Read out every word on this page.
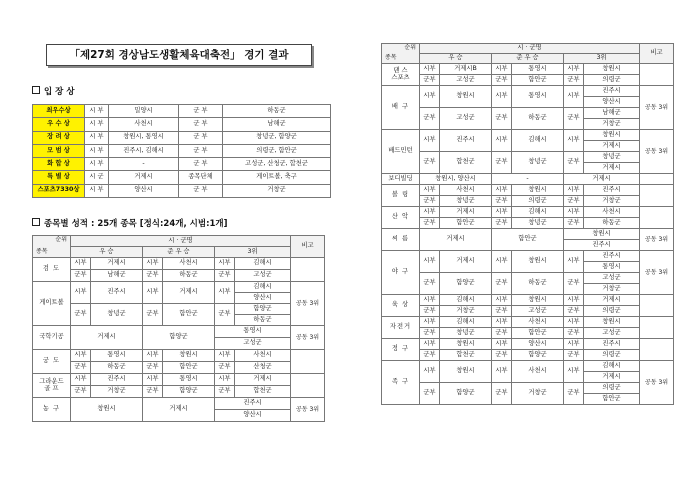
「제27회 경상남도생활체육대축전」 경기 결과
입 장 상
최우수상	시 부	밀양시	군 부	하동군
우 수 상	시 부	사천시	군 부	남해군
장 려 상	시 부	창원시, 통영시	군 부	창녕군, 함양군
모 범 상	시 부	진주시, 김해시	군 부	의령군, 함안군
화 합 상	시 부	-	군 부	고성군, 산청군, 합천군
특 별 상	시 군	거제시	종목단체	게이트볼, 축구
스포츠7330상	시 부	양산시	군 부	거창군
종목별 성적 : 25개 종목 [정식:24개, 시범:1개]
순위
종목	시 · 군명						비고
	우 승		준 우 승		3위		
검 도	시부	거제시	시부	사천시	시부	김해시	
	군부	남해군	군부	하동군	군부	고성군	
게이트볼	시부	진주시	시부	거제시	시부	김해시	공동 3위
						양산시	
	군부	창녕군	군부	함안군	군부	함양군	
						하동군	
국학기공	거제시		함양군		통영시		공동 3위
					고성군		
궁 도	시부	통영시	시부	창원시	시부	사천시	
	군부	하동군	군부	함안군	군부	산청군	
그라운드
골 프	시부	진주시	시부	통영시	시부	거제시	
	군부	거창군	군부	함양군	군부	합천군	
농 구	창원시		거제시		진주시		공동 3위
					양산시		
순위
종목	시 · 군명						비고
	우 승		준 우 승		3위		
댄 스
스포츠	시부	거제시B	시부	통영시	시부	창원시	
	군부	고성군	군부	함안군	군부	의령군	
배 구	시부	창원시	시부	통영시	시부	진주시	공동 3위
						양산시	
	군부	고성군	군부	하동군	군부	남해군	
						거창군	
배드민턴	시부	진주시	시부	김해시	시부	창원시	공동 3위
						거제시	
	군부	합천군	군부	창녕군	군부	창녕군	
						거제시	
보디빌딩	창원시, 양산시		-		거제시		
볼 링	시부	사천시	시부	창원시	시부	진주시	
	군부	창녕군	군부	의령군	군부	거창군	
산 악	시부	거제시	시부	김해시	시부	사천시	
	군부	함안군	군부	창녕군	군부	하동군	
씨 름	거제시		함안군		창원시		공동 3위
					진주시		
야 구	시부	거제시	시부	창원시	시부	진주시	공동 3위
						통영시	
	군부	함양군	군부	하동군	군부	고성군	
						거창군	
육 상	시부	김해시	시부	창원시	시부	거제시	
	군부	거창군	군부	고성군	군부	의령군	
자전거	시부	김해시	시부	사천시	시부	창원시	
	군부	창녕군	군부	함안군	군부	고성군	
정 구	시부	창원시	시부	양산시	시부	진주시	
	군부	합천군	군부	함양군	군부	의령군	
족 구	시부	창원시	시부	사천시	시부	김해시	공동 3위
						거제시	
	군부	함양군	군부	거창군	군부	의령군	
						함안군	
